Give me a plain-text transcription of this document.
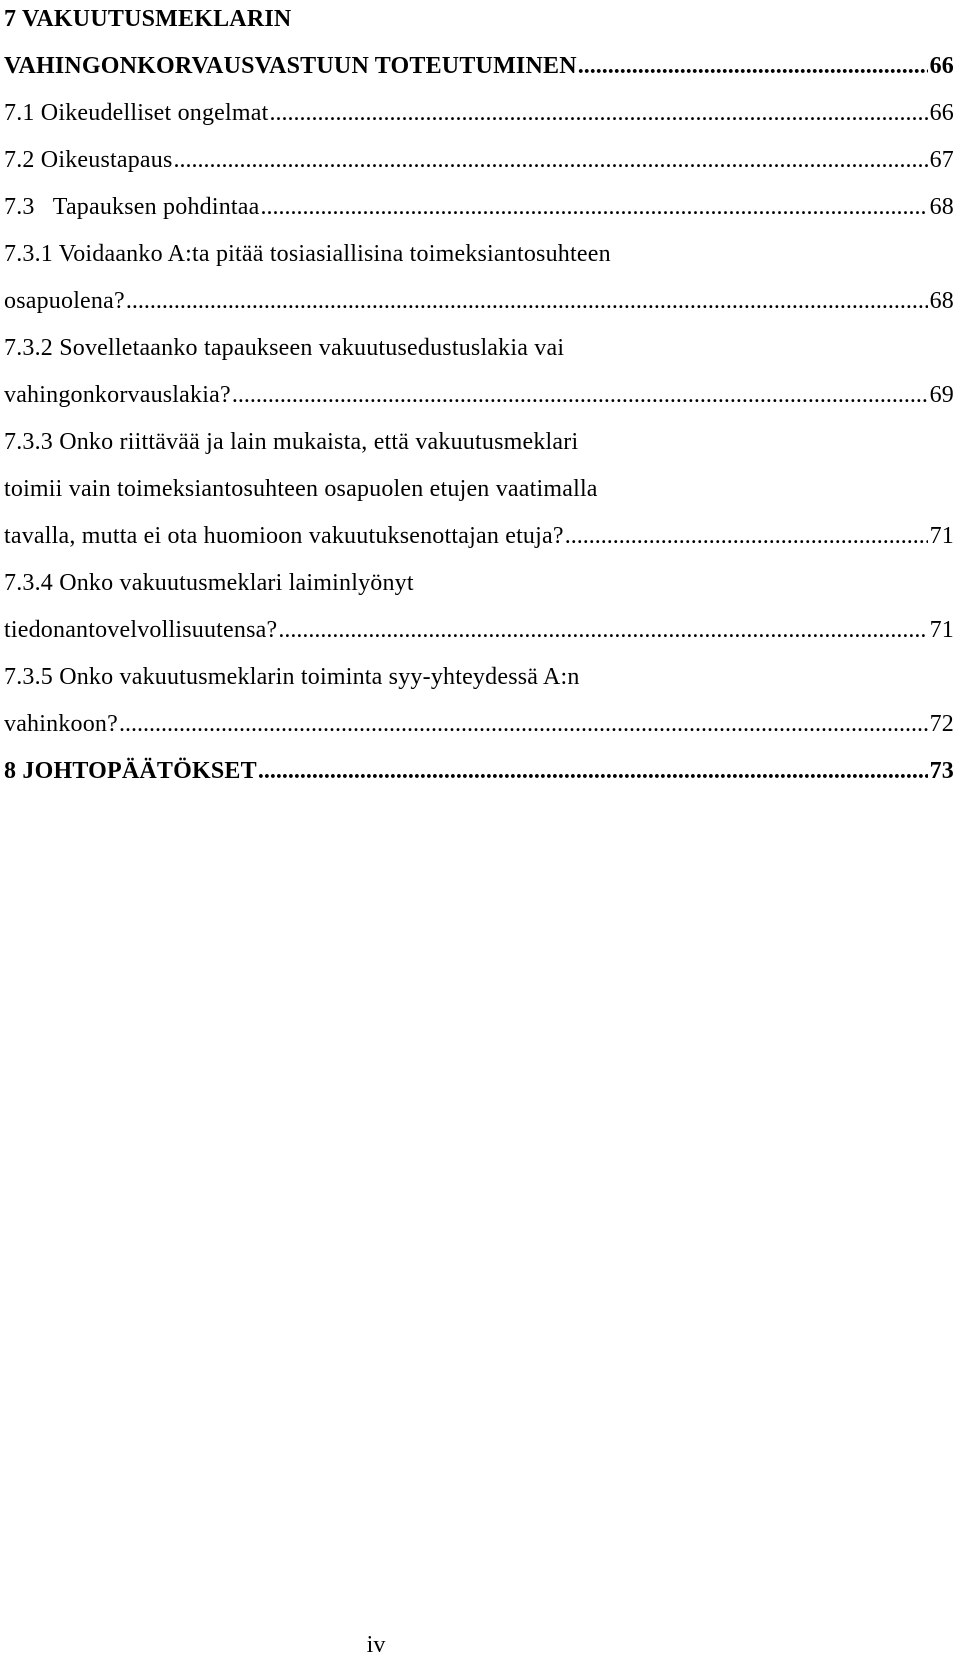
7 VAKUUTUSMEKLARIN
VAHINGONKORVAUSVASTUUN TOTEUTUMINEN .....	66
7.1 Oikeudelliset ongelmat .....	66
7.2 Oikeustapaus .....	67
7.3   Tapauksen pohdintaa .....	68
7.3.1 Voidaanko A:ta pitää tosiasiallisina toimeksiantosuhteen
osapuolena? .....	68
7.3.2 Sovelletaanko tapaukseen vakuutusedustuslakia vai
vahingonkorvauslakia? .....	69
7.3.3 Onko riittävää ja lain mukaista, että vakuutusmeklari
toimii vain toimeksiantosuhteen osapuolen etujen vaatimalla
tavalla, mutta ei ota huomioon vakuutuksenottajan etuja? .....	71
7.3.4 Onko vakuutusmeklari laiminlyönyt
tiedonantovelvollisuutensa? .....	71
7.3.5 Onko vakuutusmeklarin toiminta syy-yhteydessä A:n
vahinkoon? .....	72
8 JOHTOPÄÄTÖKSET .....	73
iv
